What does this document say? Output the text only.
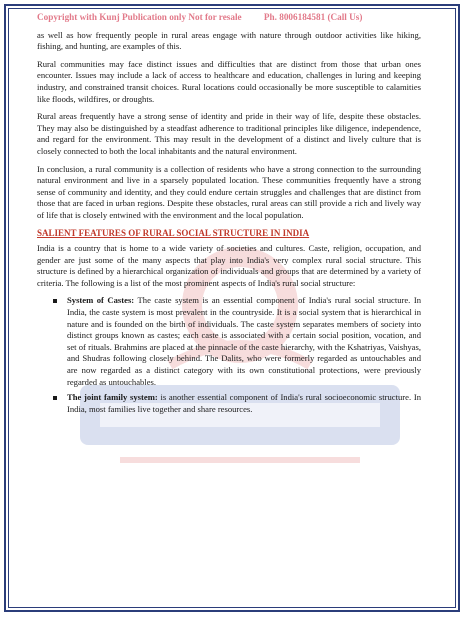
Copyright with Kunj Publication only Not for resale Ph. 8006184581 (Call Us)

as well as how frequently people in rural areas engage with nature through outdoor activities like hiking, fishing, and hunting, are examples of this.

Rural communities may face distinct issues and difficulties that are distinct from those that urban ones encounter. Issues may include a lack of access to healthcare and education, challenges in luring and keeping industry, and constrained transit choices. Rural locations could occasionally be more susceptible to calamities like floods, wildfires, or droughts.

Rural areas frequently have a strong sense of identity and pride in their way of life, despite these obstacles. They may also be distinguished by a steadfast adherence to traditional principles like diligence, independence, and regard for the environment. This may result in the development of a distinct and lively culture that is closely connected to both the local inhabitants and the natural environment.

In conclusion, a rural community is a collection of residents who have a strong connection to the surrounding natural environment and live in a sparsely populated location. These communities frequently have a strong sense of community and identity, and they could endure certain struggles and challenges that are distinct from those that are faced in urban regions. Despite these obstacles, rural areas can still provide a rich and lively way of life that is closely entwined with the environment and the local population.

SALIENT FEATURES OF RURAL SOCIAL STRUCTURE IN INDIA

India is a country that is home to a wide variety of societies and cultures. Caste, religion, occupation, and gender are just some of the many aspects that play into India's very complex rural social structure. This structure is defined by a hierarchical organization of individuals and groups that are determined by a variety of criteria. The following is a list of the most prominent aspects of India's rural social structure:

System of Castes: The caste system is an essential component of India's rural social structure. In India, the caste system is most prevalent in the countryside. It is a social system that is hierarchical in nature and is founded on the birth of individuals. The caste system separates members of society into distinct groups known as castes; each caste is associated with a certain social position, vocation, and set of rituals. Brahmins are placed at the pinnacle of the caste hierarchy, with the Kshatriyas, Vaishyas, and Shudras following closely behind. The Dalits, who were formerly regarded as untouchables and are now regarded as a distinct category with its own constitutional protections, were previously regarded as untouchables.
The joint family system: is another essential component of India's rural socioeconomic structure. In India, most families live together and share resources.
